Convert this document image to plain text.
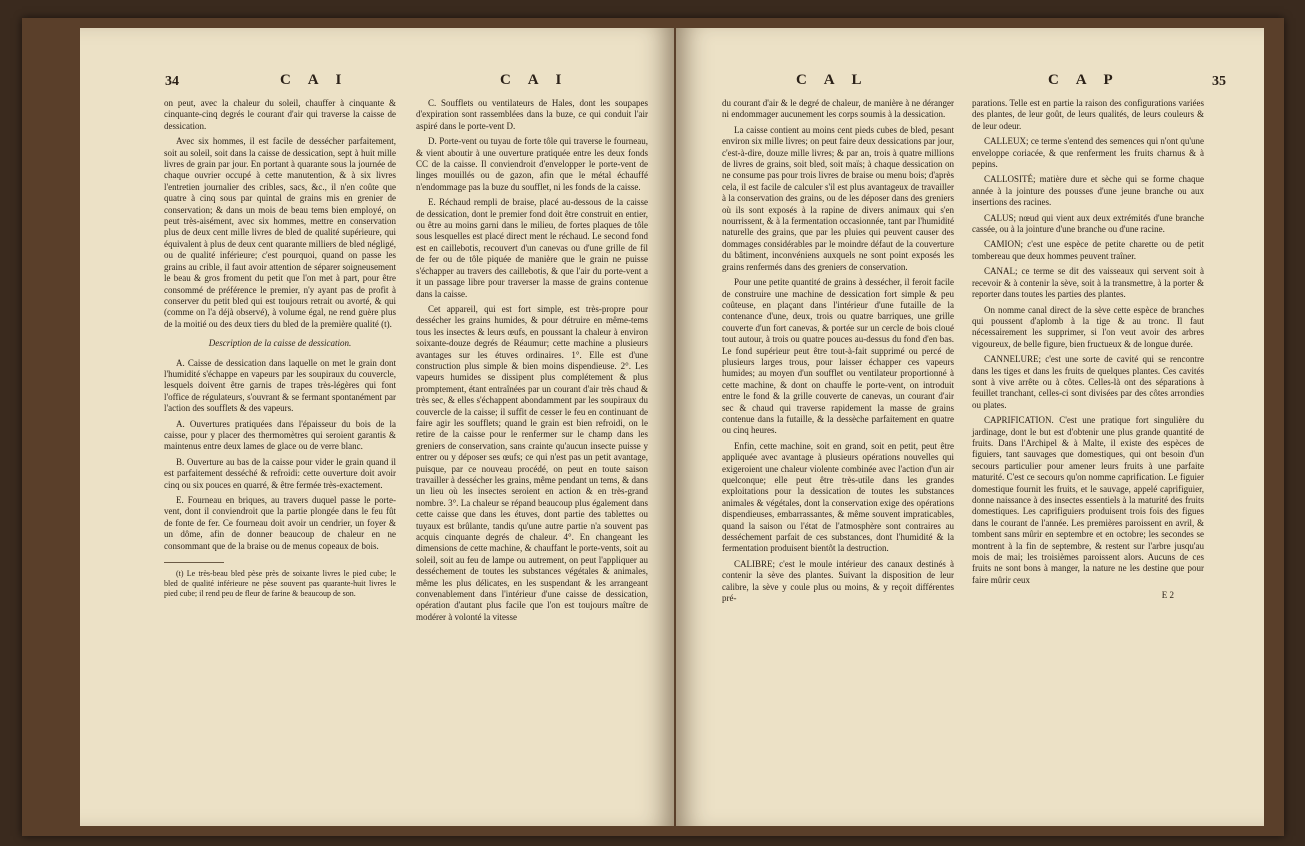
34	C A I	C A I

on peut, avec la chaleur du soleil, chauffer à cinquante & cinquante-cinq degrés le courant d'air qui traverse la caisse de dessication.

Avec six hommes, il est facile de dessécher parfaitement, soit au soleil, soit dans la caisse de dessication, sept à huit mille livres de grain par jour. En portant à quarante sous la journée de chaque ouvrier occupé à cette manutention, & à six livres l'entretien journalier des cribles, sacs, &c., il n'en coûte que quatre à cinq sous par quintal de grains mis en grenier de conservation; & dans un mois de beau tems bien employé, on peut très-aisément, avec six hommes, mettre en conservation plus de deux cent mille livres de bled de qualité supérieure, qui équivalent à plus de deux cent quarante milliers de bled négligé, ou de qualité inférieure; c'est pourquoi, quand on passe les grains au crible, il faut avoir attention de séparer soigneusement le beau & gros froment du petit que l'on met à part, pour être consommé de préférence le premier, n'y ayant pas de profit à conserver du petit bled qui est toujours retrait ou avorté, & qui (comme on l'a déjà observé), à volume égal, ne rend guère plus de la moitié ou des deux tiers du bled de la première qualité (t).

Description de la caisse de dessication.

A. Caisse de dessication dans laquelle on met le grain dont l'humidité s'échappe en vapeurs par les soupiraux du couvercle, lesquels doivent être garnis de trapes très-légères qui font l'office de régulateurs, s'ouvrant & se fermant spontanément par l'action des soufflets & des vapeurs.

A. Ouvertures pratiquées dans l'épaisseur du bois de la caisse, pour y placer des thermomètres qui seroient garantis & maintenus entre deux lames de glace ou de verre blanc.

B. Ouverture au bas de la caisse pour vider le grain quand il est parfaitement desséché & refroidi: cette ouverture doit avoir cinq ou six pouces en quarré, & être fermée très-exactement.

E. Fourneau en briques, au travers duquel passe le porte-vent, dont il conviendroit que la partie plongée dans le feu fût de fonte de fer. Ce fourneau doit avoir un cendrier, un foyer & un dôme, afin de donner beaucoup de chaleur en ne consommant que de la braise ou de menus copeaux de bois.

(t) Le très-beau bled pèse près de soixante livres le pied cube; le bled de qualité inférieure ne pèse souvent pas quarante-huit livres le pied cube; il rend peu de fleur de farine & beaucoup de son.

C. Soufflets ou ventilateurs de Hales, dont les soupapes d'expiration sont rassemblées dans la buze, ce qui conduit l'air aspiré dans le porte-vent D.

D. Porte-vent ou tuyau de forte tôle qui traverse le fourneau, & vient aboutir à une ouverture pratiquée entre les deux fonds CC de la caisse. Il conviendroit d'envelopper le porte-vent de linges mouillés ou de gazon, afin que le métal échauffé n'endommage pas la buze du soufflet, ni les fonds de la caisse.

E. Réchaud rempli de braise, placé au-dessous de la caisse de dessication, dont le premier fond doit être construit en entier, ou être au moins garni dans le milieu, de fortes plaques de tôle sous lesquelles est placé direct ment le réchaud. Le second fond est en caillebotis, recouvert d'un canevas ou d'une grille de fil de fer ou de tôle piquée de manière que le grain ne puisse s'échapper au travers des caillebotis, & que l'air du porte-vent a it un passage libre pour traverser la masse de grains contenue dans la caisse.

Cet appareil, qui est fort simple, est très-propre pour dessécher les grains humides, & pour détruire en même-tems tous les insectes & leurs œufs, en poussant la chaleur à environ soixante-douze degrés de Réaumur; cette machine a plusieurs avantages sur les étuves ordinaires. 1°. Elle est d'une construction plus simple & bien moins dispendieuse. 2°. Les vapeurs humides se dissipent plus complétement & plus promptement, étant entraînées par un courant d'air très chaud & très sec, & elles s'échappent abondamment par les soupiraux du couvercle de la caisse; il suffit de cesser le feu en continuant de faire agir les soufflets; quand le grain est bien refroidi, on le retire de la caisse pour le renfermer sur le champ dans les greniers de conservation, sans crainte qu'aucun insecte puisse y entrer ou y déposer ses œufs; ce qui n'est pas un petit avantage, puisque, par ce nouveau procédé, on peut en toute saison travailler à dessécher les grains, même pendant un tems, & dans un lieu où les insectes seroient en action & en très-grand nombre. 3°. La chaleur se répand beaucoup plus également dans cette caisse que dans les étuves, dont partie des tablettes ou tuyaux est brûlante, tandis qu'une autre partie n'a souvent pas acquis cinquante degrés de chaleur. 4°. En changeant les dimensions de cette machine, & chauffant le porte-vents, soit au soleil, soit au feu de lampe ou autrement, on peut l'appliquer au desséchement de toutes les substances végétales & animales, même les plus délicates, en les suspendant & les arrangeant convenablement dans l'intérieur d'une caisse de dessication, opération d'autant plus facile que l'on est toujours maître de modérer à volonté la vitesse

C A L	C A P	35

du courant d'air & le degré de chaleur, de manière à ne déranger ni endommager aucunement les corps soumis à la dessication.

La caisse contient au moins cent pieds cubes de bled, pesant environ six mille livres; on peut faire deux dessications par jour, c'est-à-dire, douze mille livres; & par an, trois à quatre millions de livres de grains, soit bled, soit maïs; à chaque dessication on ne consume pas pour trois livres de braise ou menu bois; d'après cela, il est facile de calculer s'il est plus avantageux de travailler à la conservation des grains, ou de les déposer dans des greniers où ils sont exposés à la rapine de divers animaux qui s'en nourrissent, & à la fermentation occasionnée, tant par l'humidité naturelle des grains, que par les pluies qui peuvent causer des dommages considérables par le moindre défaut de la couverture du bâtiment, inconvéniens auxquels ne sont point exposés les grains renfermés dans des greniers de conservation.

Pour une petite quantité de grains à dessécher, il feroit facile de construire une machine de dessication fort simple & peu coûteuse, en plaçant dans l'intérieur d'une futaille de la contenance d'une, deux, trois ou quatre barriques, une grille couverte d'un fort canevas, & portée sur un cercle de bois cloué tout autour, à trois ou quatre pouces au-dessus du fond d'en bas. Le fond supérieur peut être tout-à-fait supprimé ou percé de plusieurs larges trous, pour laisser échapper ces vapeurs humides; au moyen d'un soufflet ou ventilateur proportionné à cette machine, & dont on chauffe le porte-vent, on introduit entre le fond & la grille couverte de canevas, un courant d'air sec & chaud qui traverse rapidement la masse de grains contenue dans la futaille, & la dessèche parfaitement en quatre ou cinq heures.

Enfin, cette machine, soit en grand, soit en petit, peut être appliquée avec avantage à plusieurs opérations nouvelles qui exigeroient une chaleur violente combinée avec l'action d'un air quelconque; elle peut être très-utile dans les grandes exploitations pour la dessication de toutes les substances animales & végétales, dont la conservation exige des opérations dispendieuses, embarrassantes, & même souvent impraticables, quand la saison ou l'état de l'atmosphère sont contraires au desséchement parfait de ces substances, dont l'humidité & la fermentation produisent bientôt la destruction.

CALIBRE; c'est le moule intérieur des canaux destinés à contenir la sève des plantes. Suivant la disposition de leur calibre, la sève y coule plus ou moins, & y reçoit différentes pré-

parations. Telle est en partie la raison des configurations variées des plantes, de leur goût, de leurs qualités, de leurs couleurs & de leur odeur.

CALLEUX; ce terme s'entend des semences qui n'ont qu'une enveloppe coriacée, & que renferment les fruits charnus & à pepins.

CALLOSITÉ; matière dure et sèche qui se forme chaque année à la jointure des pousses d'une jeune branche ou aux insertions des racines.

CALUS; nœud qui vient aux deux extrémités d'une branche cassée, ou à la jointure d'une branche ou d'une racine.

CAMION; c'est une espèce de petite charette ou de petit tombereau que deux hommes peuvent traîner.

CANAL; ce terme se dit des vaisseaux qui servent soit à recevoir & à contenir la sève, soit à la transmettre, à la porter & reporter dans toutes les parties des plantes.

On nomme canal direct de la sève cette espèce de branches qui poussent d'aplomb à la tige & au tronc. Il faut nécessairement les supprimer, si l'on veut avoir des arbres vigoureux, de belle figure, bien fructueux & de longue durée.

CANNELURE; c'est une sorte de cavité qui se rencontre dans les tiges et dans les fruits de quelques plantes. Ces cavités sont à vive arrête ou à côtes. Celles-là ont des séparations à feuillet tranchant, celles-ci sont divisées par des côtes arrondies ou plates.

CAPRIFICATION. C'est une pratique fort singulière du jardinage, dont le but est d'obtenir une plus grande quantité de fruits. Dans l'Archipel & à Malte, il existe des espèces de figuiers, tant sauvages que domestiques, qui ont besoin d'un secours particulier pour amener leurs fruits à une parfaite maturité. C'est ce secours qu'on nomme caprification. Le figuier domestique fournit les fruits, et le sauvage, appelé caprifiguier, donne naissance à des insectes essentiels à la maturité des fruits domestiques. Les caprifiguiers produisent trois fois des figues dans le courant de l'année. Les premières paroissent en avril, & tombent sans mûrir en septembre et en octobre; les secondes se montrent à la fin de septembre, & restent sur l'arbre jusqu'au mois de mai; les troisièmes paroissent alors. Aucuns de ces fruits ne sont bons à manger, la nature ne les destine que pour faire mûrir ceux

E 2
